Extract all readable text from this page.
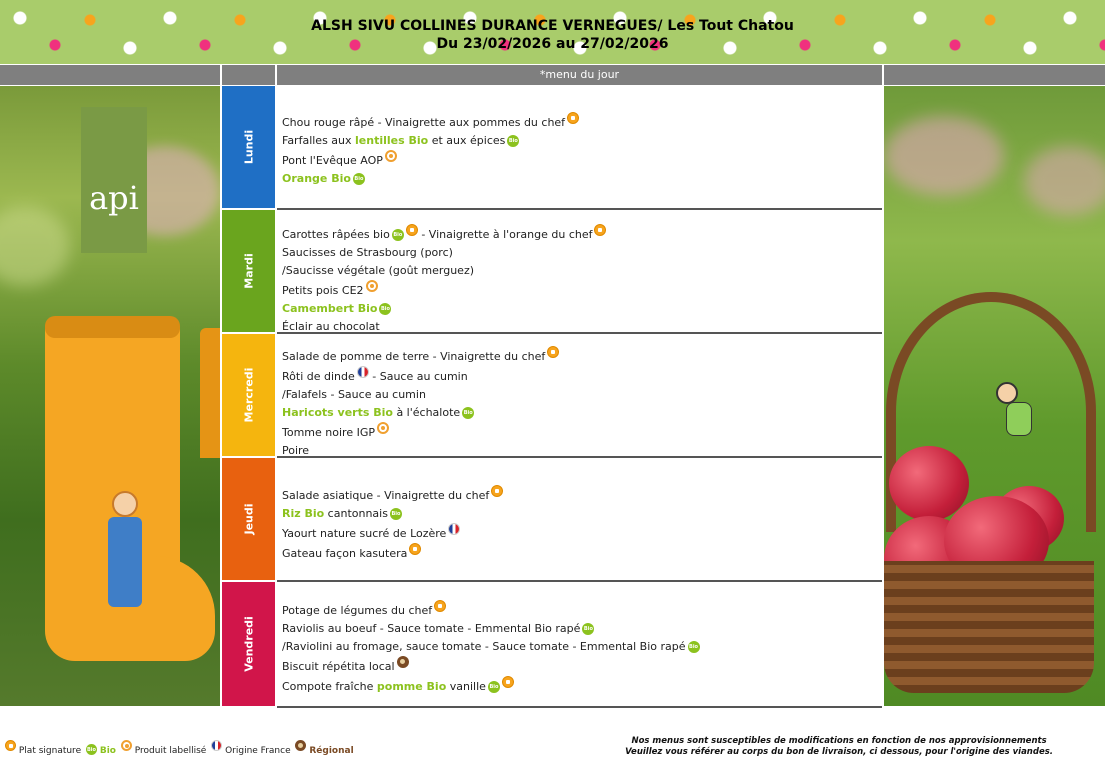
ALSH SIVU COLLINES DURANCE VERNEGUES/ Les Tout Chatou
Du 23/02/2026 au 27/02/2026
*menu du jour
api
Lundi
Chou rouge râpé - Vinaigrette aux pommes du chef
Farfalles aux lentilles Bio et aux épices Bio
Pont l'Evêque AOP
Orange Bio Bio
Mardi
Carottes râpées bio Bio - Vinaigrette à l'orange du chef
Saucisses de Strasbourg (porc)
/Saucisse végétale (goût merguez)
Petits pois CE2
Camembert Bio Bio
Éclair au chocolat
Mercredi
Salade de pomme de terre - Vinaigrette du chef
Rôti de dinde - Sauce au cumin
/Falafels - Sauce au cumin
Haricots verts Bio à l'échalote Bio
Tomme noire IGP
Poire
Jeudi
Salade asiatique - Vinaigrette du chef
Riz Bio cantonnais Bio
Yaourt nature sucré de Lozère
Gateau façon kasutera
Vendredi
Potage de légumes du chef
Raviolis au boeuf - Sauce tomate - Emmental Bio rapé Bio
/Raviolini au fromage, sauce tomate - Sauce tomate - Emmental Bio rapé Bio
Biscuit répétita local
Compote fraîche pomme Bio vanille Bio
Plat signature Bio Bio Produit labellisé Origine France Régional
Nos menus sont susceptibles de modifications en fonction de nos approvisionnements
Veuillez vous référer au corps du bon de livraison, ci dessous, pour l'origine des viandes.
